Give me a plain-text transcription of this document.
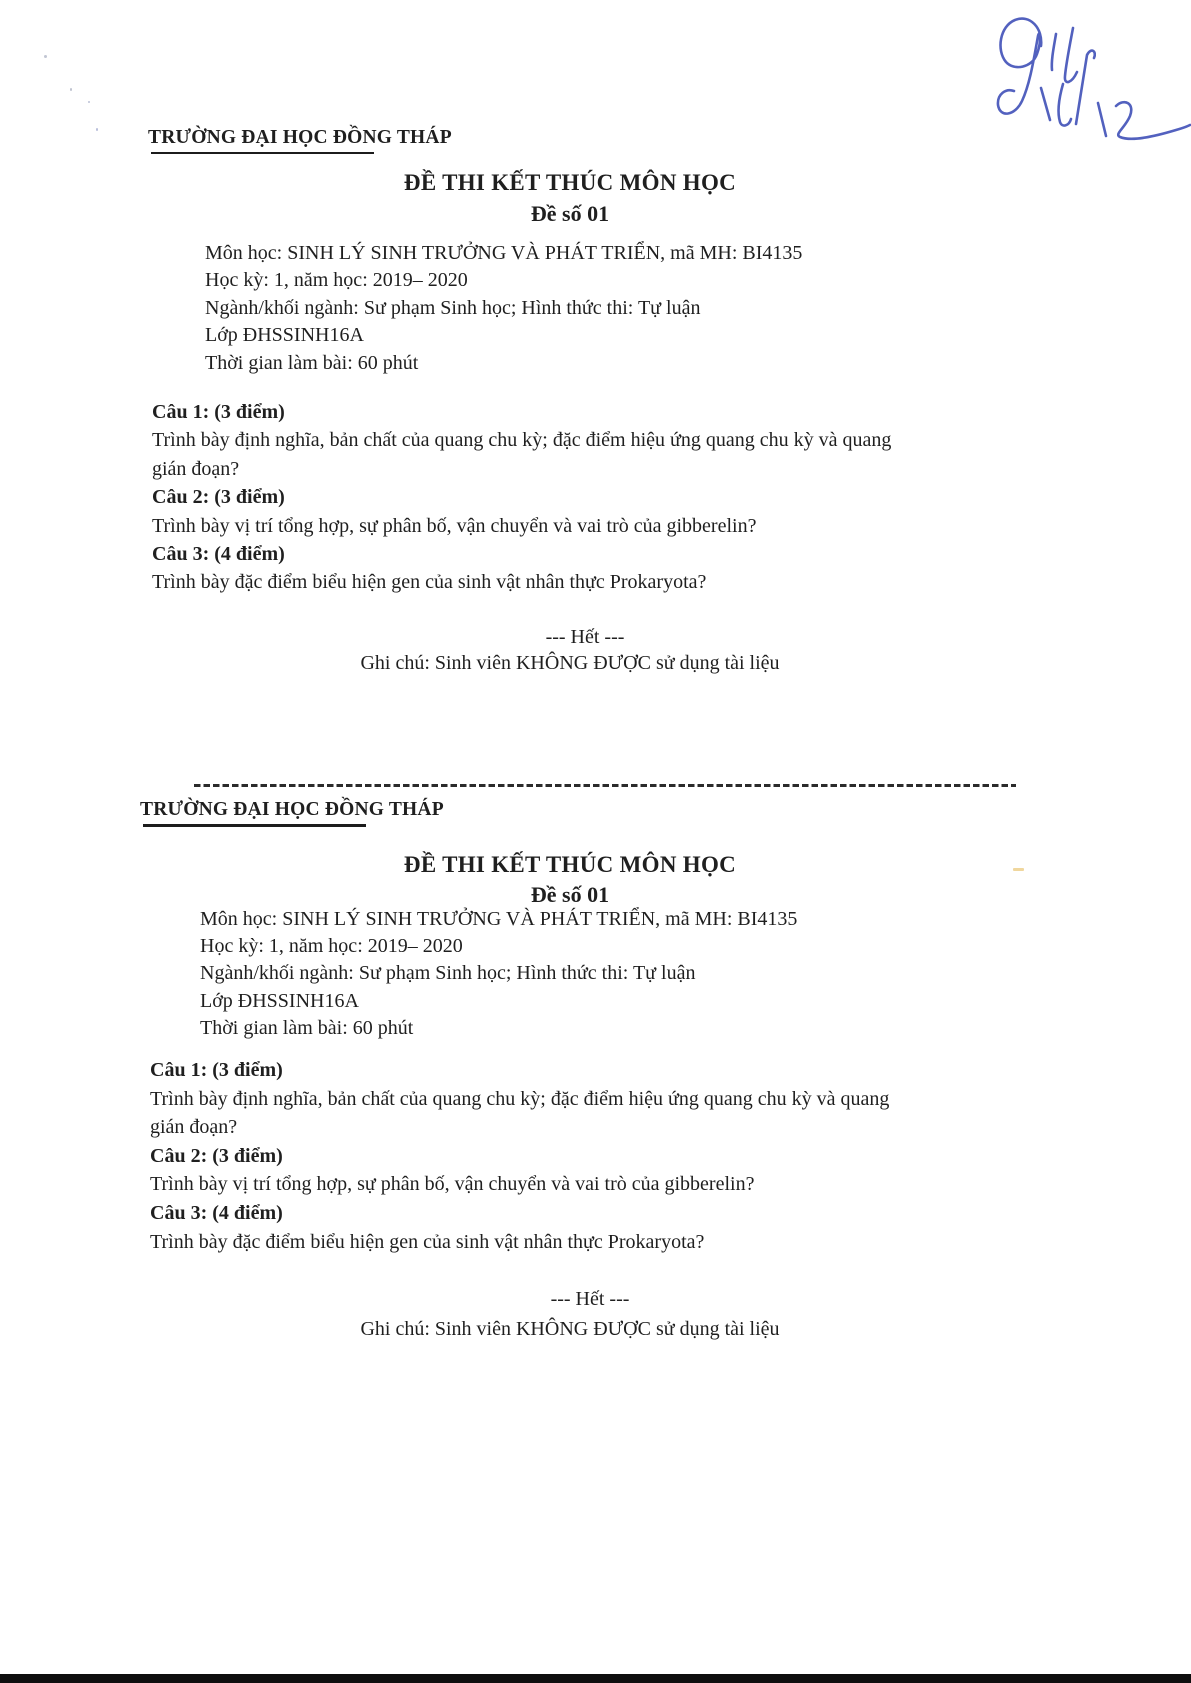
TRƯỜNG ĐẠI HỌC ĐỒNG THÁP
ĐỀ THI KẾT THÚC MÔN HỌC
Đề số 01
Môn học: SINH LÝ SINH TRƯỞNG VÀ PHÁT TRIỂN, mã MH: BI4135
Học kỳ: 1, năm học: 2019– 2020
Ngành/khối ngành: Sư phạm Sinh học; Hình thức thi: Tự luận
Lớp ĐHSSINH16A
Thời gian làm bài: 60 phút
Câu 1: (3 điểm)
Trình bày định nghĩa, bản chất của quang chu kỳ; đặc điểm hiệu ứng quang chu kỳ và quang
gián đoạn?
Câu 2: (3 điểm)
Trình bày vị trí tổng hợp, sự phân bố, vận chuyển và vai trò của gibberelin?
Câu 3: (4 điểm)
Trình bày đặc điểm biểu hiện gen của sinh vật nhân thực Prokaryota?
--- Hết ---
Ghi chú: Sinh viên KHÔNG ĐƯỢC sử dụng tài liệu
TRƯỜNG ĐẠI HỌC ĐỒNG THÁP
ĐỀ THI KẾT THÚC MÔN HỌC
Đề số 01
Môn học: SINH LÝ SINH TRƯỞNG VÀ PHÁT TRIỂN, mã MH: BI4135
Học kỳ: 1, năm học: 2019– 2020
Ngành/khối ngành: Sư phạm Sinh học; Hình thức thi: Tự luận
Lớp ĐHSSINH16A
Thời gian làm bài: 60 phút
Câu 1: (3 điểm)
Trình bày định nghĩa, bản chất của quang chu kỳ; đặc điểm hiệu ứng quang chu kỳ và quang
gián đoạn?
Câu 2: (3 điểm)
Trình bày vị trí tổng hợp, sự phân bố, vận chuyển và vai trò của gibberelin?
Câu 3: (4 điểm)
Trình bày đặc điểm biểu hiện gen của sinh vật nhân thực Prokaryota?
--- Hết ---
Ghi chú: Sinh viên KHÔNG ĐƯỢC sử dụng tài liệu
